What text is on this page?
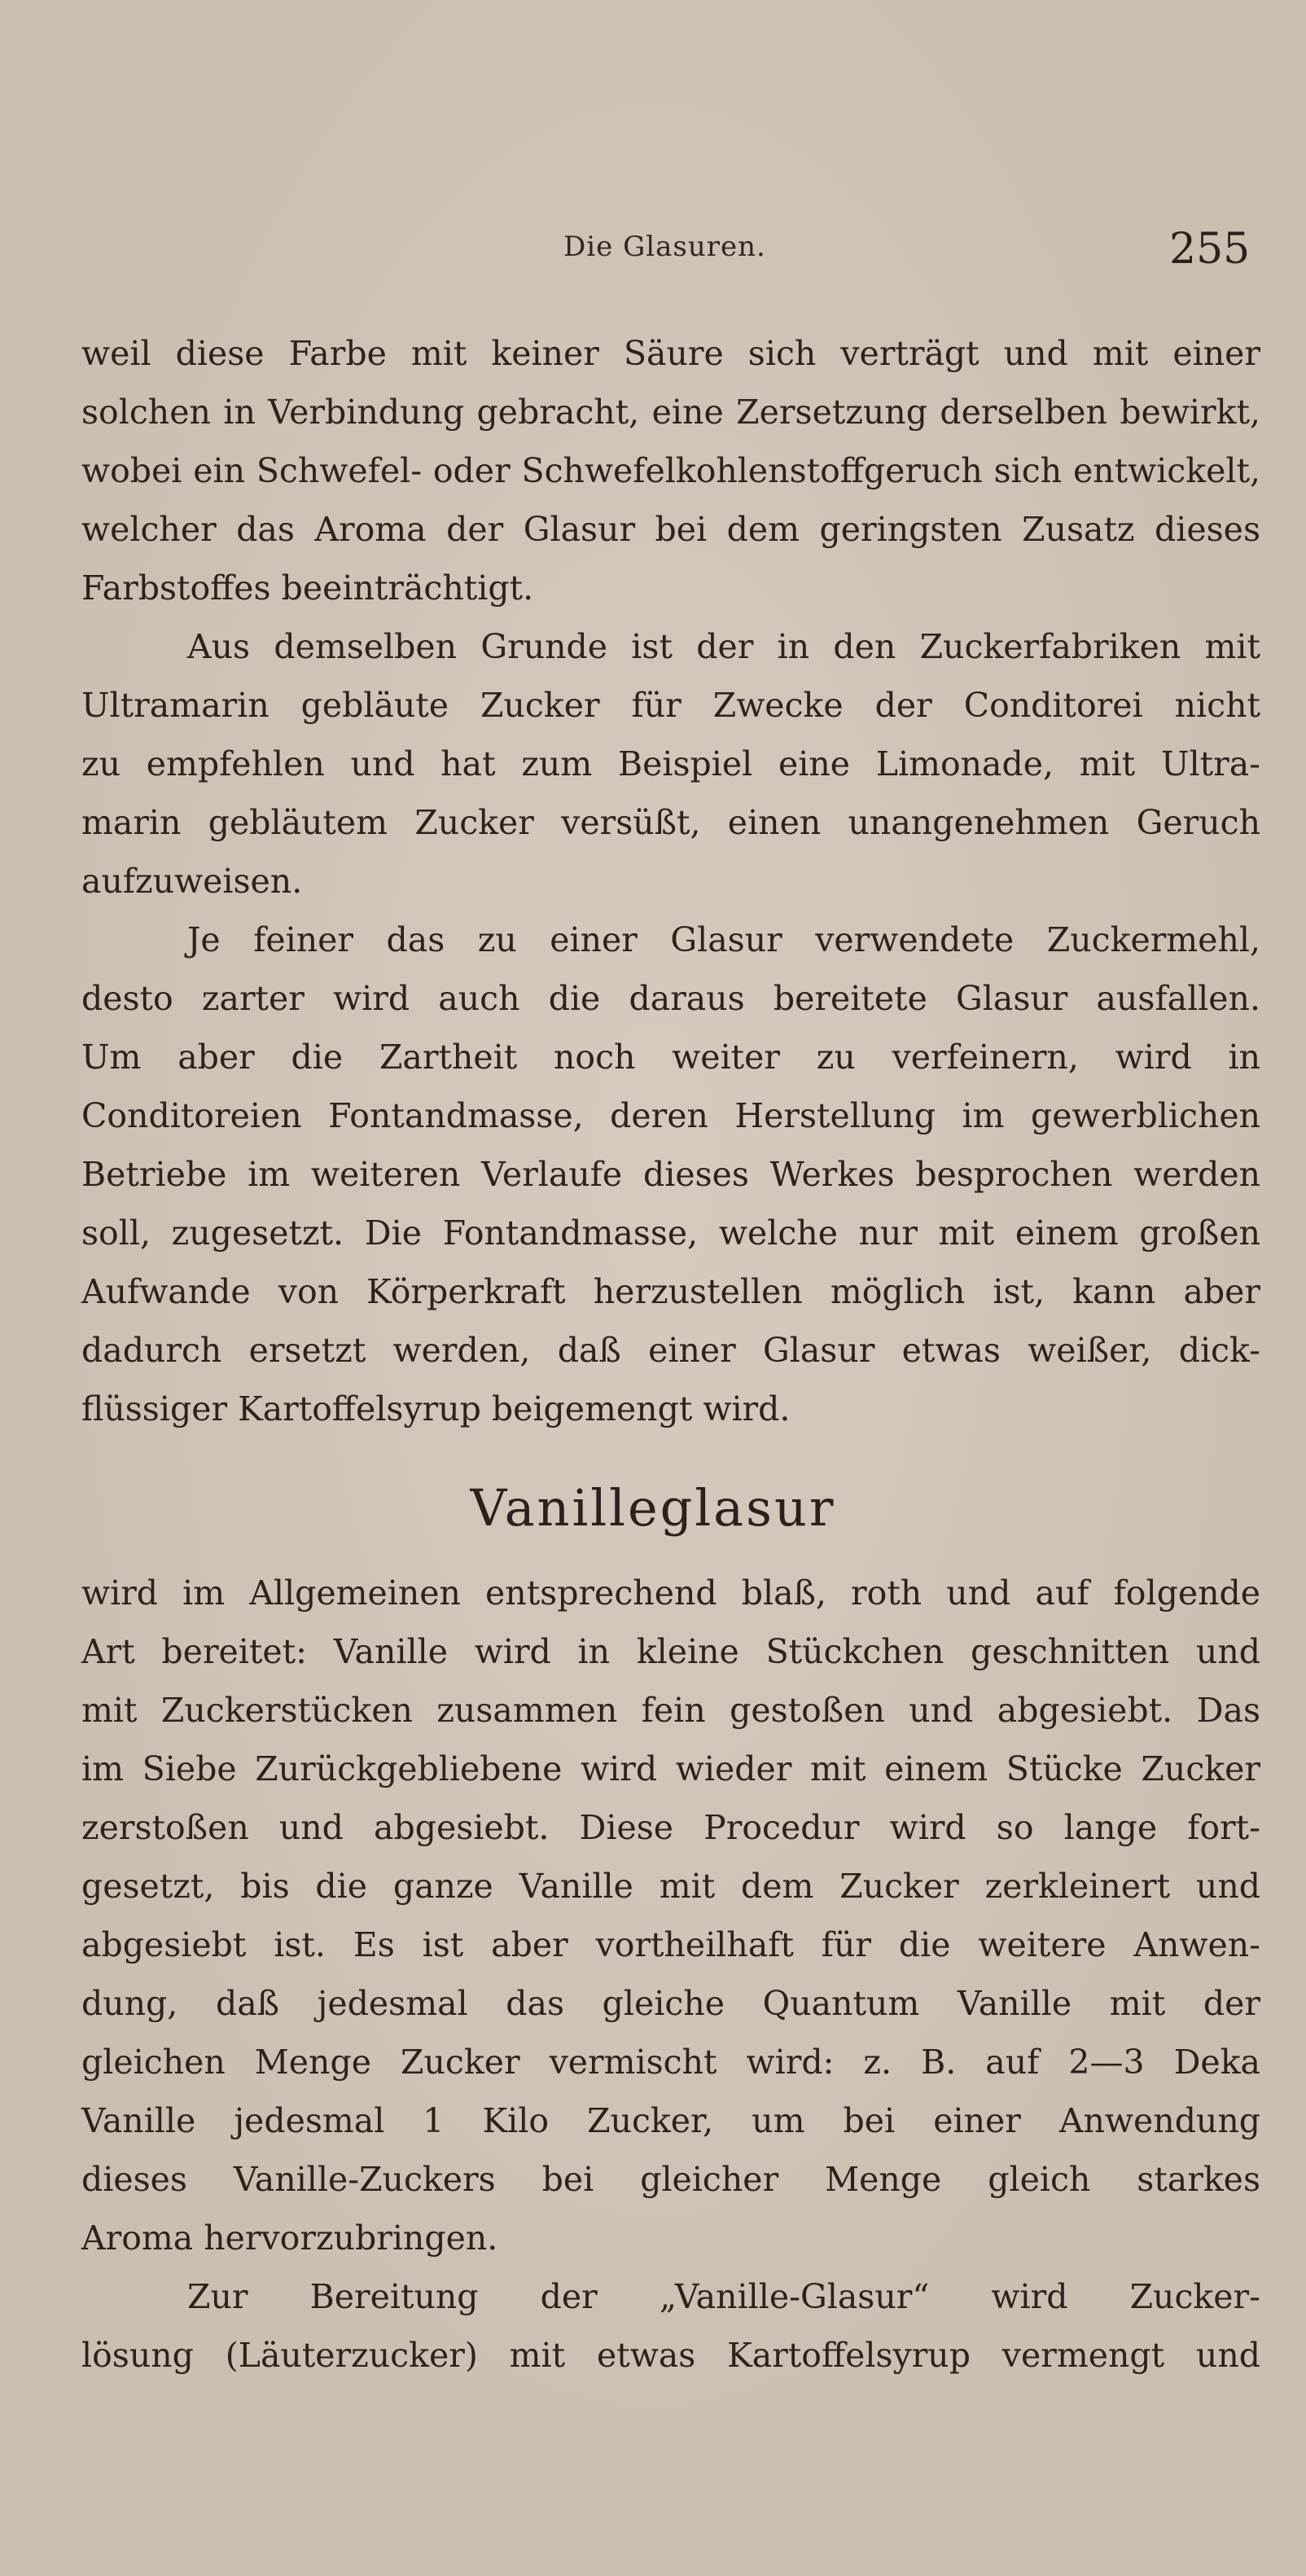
Die Glasuren.	255
weil diese Farbe mit keiner Säure sich verträgt und mit einer
solchen in Verbindung gebracht, eine Zersetzung derselben bewirkt,
wobei ein Schwefel- oder Schwefelkohlenstoffgeruch sich entwickelt,
welcher das Aroma der Glasur bei dem geringsten Zusatz dieses
Farbstoffes beeinträchtigt.
Aus demselben Grunde ist der in den Zuckerfabriken mit
Ultramarin gebläute Zucker für Zwecke der Conditorei nicht
zu empfehlen und hat zum Beispiel eine Limonade, mit Ultra-
marin gebläutem Zucker versüßt, einen unangenehmen Geruch
aufzuweisen.
Je feiner das zu einer Glasur verwendete Zuckermehl,
desto zarter wird auch die daraus bereitete Glasur ausfallen.
Um aber die Zartheit noch weiter zu verfeinern, wird in
Conditoreien Fontandmasse, deren Herstellung im gewerblichen
Betriebe im weiteren Verlaufe dieses Werkes besprochen werden
soll, zugesetzt. Die Fontandmasse, welche nur mit einem großen
Aufwande von Körperkraft herzustellen möglich ist, kann aber
dadurch ersetzt werden, daß einer Glasur etwas weißer, dick-
flüssiger Kartoffelsyrup beigemengt wird.
Vanilleglasur
wird im Allgemeinen entsprechend blaß, roth und auf folgende
Art bereitet: Vanille wird in kleine Stückchen geschnitten und
mit Zuckerstücken zusammen fein gestoßen und abgesiebt. Das
im Siebe Zurückgebliebene wird wieder mit einem Stücke Zucker
zerstoßen und abgesiebt. Diese Procedur wird so lange fort-
gesetzt, bis die ganze Vanille mit dem Zucker zerkleinert und
abgesiebt ist. Es ist aber vortheilhaft für die weitere Anwen-
dung, daß jedesmal das gleiche Quantum Vanille mit der
gleichen Menge Zucker vermischt wird: z. B. auf 2—3 Deka
Vanille jedesmal 1 Kilo Zucker, um bei einer Anwendung
dieses Vanille-Zuckers bei gleicher Menge gleich starkes
Aroma hervorzubringen.
Zur Bereitung der „Vanille-Glasur“ wird Zucker-
lösung (Läuterzucker) mit etwas Kartoffelsyrup vermengt und
